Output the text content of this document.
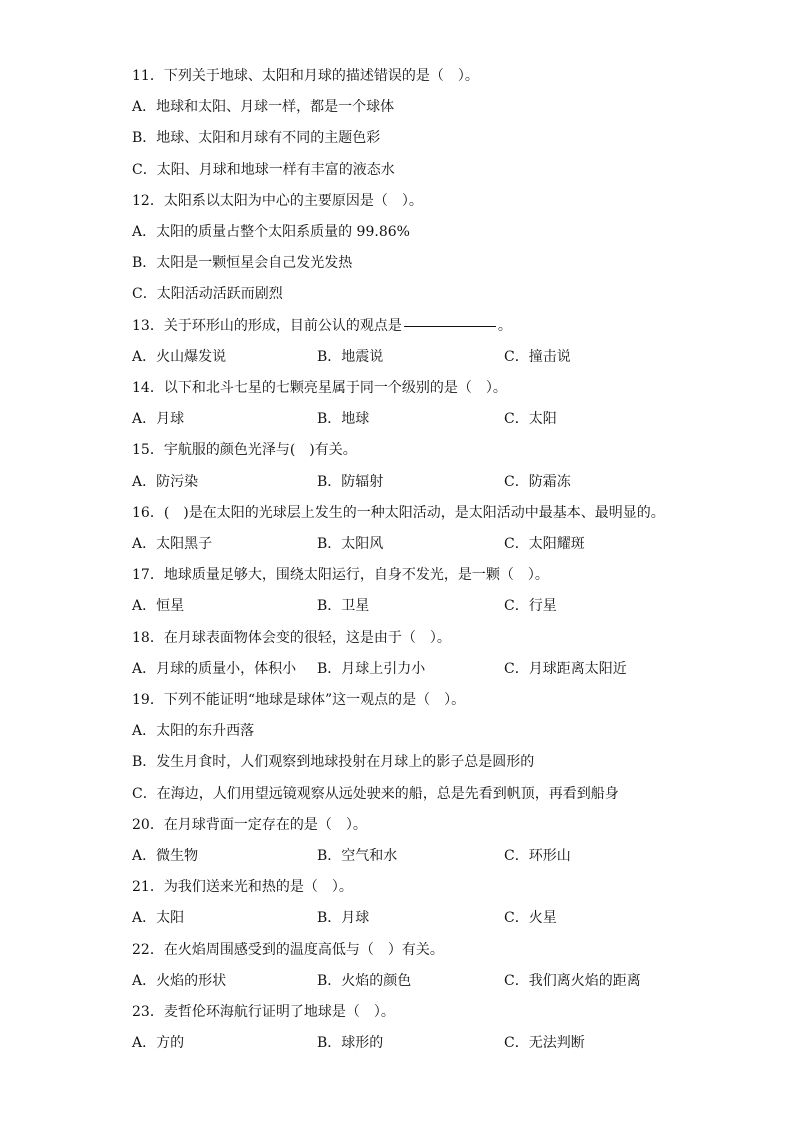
11．下列关于地球、太阳和月球的描述错误的是（　）。
A．地球和太阳、月球一样，都是一个球体
B．地球、太阳和月球有不同的主题色彩
C．太阳、月球和地球一样有丰富的液态水
12．太阳系以太阳为中心的主要原因是（　）。
A．太阳的质量占整个太阳系质量的 99.86%
B．太阳是一颗恒星会自己发光发热
C．太阳活动活跃而剧烈
13．关于环形山的形成，目前公认的观点是	。
A．火山爆发说	B．地震说	C．撞击说
14．以下和北斗七星的七颗亮星属于同一个级别的是（　）。
A．月球	B．地球	C．太阳
15．宇航服的颜色光泽与(　)有关。
A．防污染	B．防辐射	C．防霜冻
16．(　)是在太阳的光球层上发生的一种太阳活动，是太阳活动中最基本、最明显的。
A．太阳黑子	B．太阳风	C．太阳耀斑
17．地球质量足够大，围绕太阳运行，自身不发光，是一颗（　）。
A．恒星	B．卫星	C．行星
18．在月球表面物体会变的很轻，这是由于（　）。
A．月球的质量小，体积小 B．月球上引力小	C．月球距离太阳近
19．下列不能证明“地球是球体”这一观点的是（　）。
A．太阳的东升西落
B．发生月食时，人们观察到地球投射在月球上的影子总是圆形的
C．在海边，人们用望远镜观察从远处驶来的船，总是先看到帆顶，再看到船身
20．在月球背面一定存在的是（　）。
A．微生物	B．空气和水	C．环形山
21．为我们送来光和热的是（　）。
A．太阳	B．月球	C．火星
22．在火焰周围感受到的温度高低与（　）有关。
A．火焰的形状	B．火焰的颜色	C．我们离火焰的距离
23．麦哲伦环海航行证明了地球是（　）。
A．方的	B．球形的	C．无法判断
